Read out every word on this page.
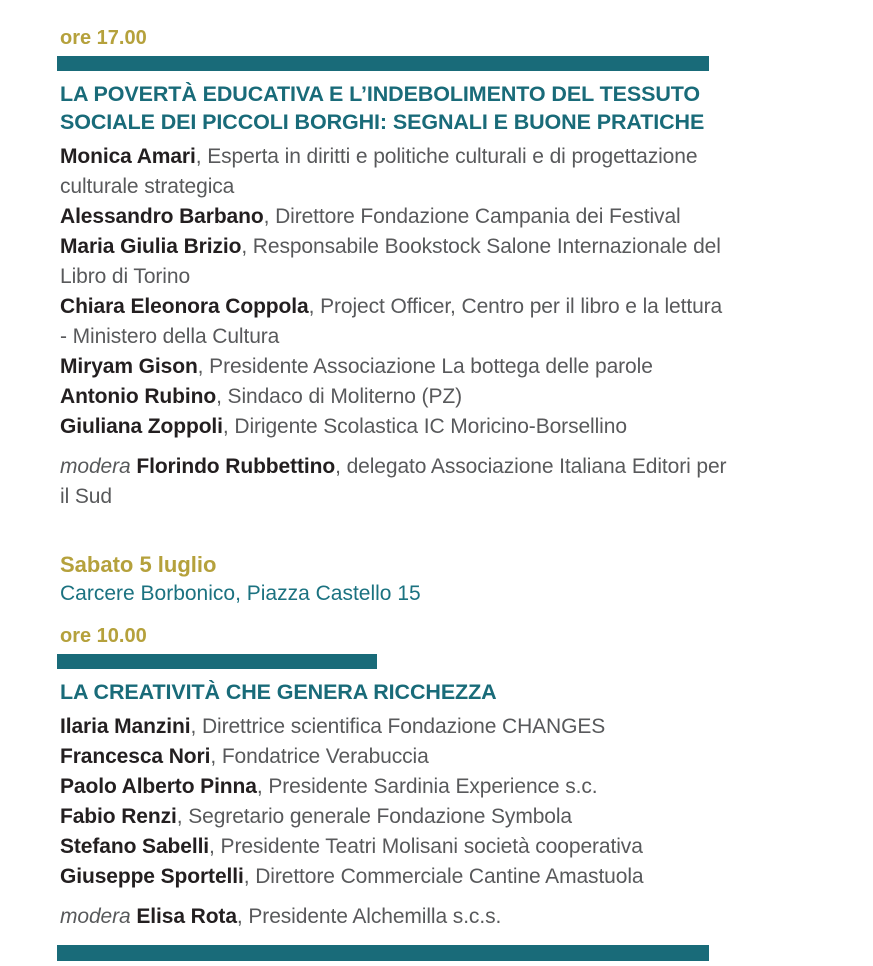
ore 17.00

LA POVERTÀ EDUCATIVA E L’INDEBOLIMENTO DEL TESSUTO SOCIALE DEI PICCOLI BORGHI: SEGNALI E BUONE PRATICHE

Monica Amari, Esperta in diritti e politiche culturali e di progettazione culturale strategica

Alessandro Barbano, Direttore Fondazione Campania dei Festival

Maria Giulia Brizio, Responsabile Bookstock Salone Internazionale del Libro di Torino

Chiara Eleonora Coppola, Project Officer, Centro per il libro e la lettura - Ministero della Cultura

Miryam Gison, Presidente Associazione La bottega delle parole

Antonio Rubino, Sindaco di Moliterno (PZ)

Giuliana Zoppoli, Dirigente Scolastica IC Moricino-Borsellino

modera Florindo Rubbettino, delegato Associazione Italiana Editori per il Sud

Sabato 5 luglio

Carcere Borbonico, Piazza Castello 15

ore 10.00

LA CREATIVITÀ CHE GENERA RICCHEZZA

Ilaria Manzini, Direttrice scientifica Fondazione CHANGES

Francesca Nori, Fondatrice Verabuccia

Paolo Alberto Pinna, Presidente Sardinia Experience s.c.

Fabio Renzi, Segretario generale Fondazione Symbola

Stefano Sabelli, Presidente Teatri Molisani società cooperativa

Giuseppe Sportelli, Direttore Commerciale Cantine Amastuola

modera Elisa Rota, Presidente Alchemilla s.c.s.
